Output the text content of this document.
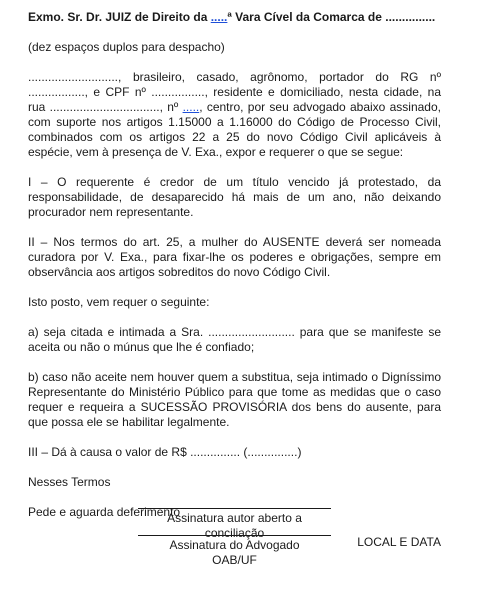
Exmo. Sr. Dr. JUIZ de Direito da .....ª Vara Cível da Comarca de ...............

(dez espaços duplos para despacho)

..........................., brasileiro, casado, agrônomo, portador do RG nº ................., e CPF nº ................, residente e domiciliado, nesta cidade, na rua ................................., nº ....., centro, por seu advogado abaixo assinado, com suporte nos artigos 1.15000 a 1.16000 do Código de Processo Civil, combinados com os artigos 22 a 25 do novo Código Civil aplicáveis à espécie, vem à presença de V. Exa., expor e requerer o que se segue:

I – O requerente é credor de um título vencido já protestado, da responsabilidade, de desaparecido há mais de um ano, não deixando procurador nem representante.

II – Nos termos do art. 25, a mulher do AUSENTE deverá ser nomeada curadora por V. Exa., para fixar-lhe os poderes e obrigações, sempre em observância aos artigos sobreditos do novo Código Civil.

Isto posto, vem requer o seguinte:

a) seja citada e intimada a Sra. .......................... para que se manifeste se aceita ou não o múnus que lhe é confiado;

b) caso não aceite nem houver quem a substitua, seja intimado o Digníssimo Representante do Ministério Público para que tome as medidas que o caso requer e requeira a SUCESSÃO PROVISÓRIA dos bens do ausente, para que possa ele se habilitar legalmente.

III – Dá à causa o valor de R$ ............... (...............)

Nesses Termos

Pede e aguarda deferimento

LOCAL E DATA

Assinatura autor aberto a conciliação
Assinatura do Advogado
OAB/UF
